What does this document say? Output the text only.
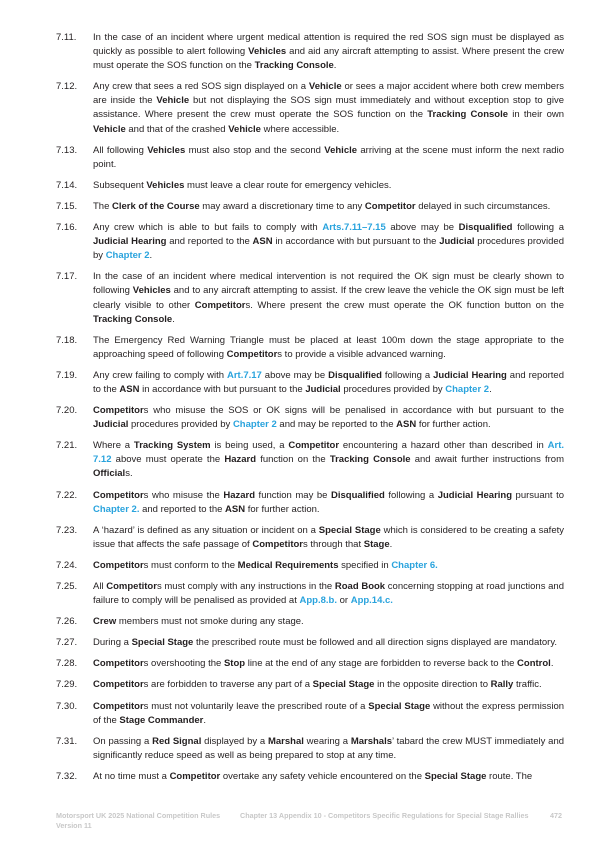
7.11. In the case of an incident where urgent medical attention is required the red SOS sign must be displayed as quickly as possible to alert following Vehicles and aid any aircraft attempting to assist. Where present the crew must operate the SOS function on the Tracking Console.
7.12. Any crew that sees a red SOS sign displayed on a Vehicle or sees a major accident where both crew members are inside the Vehicle but not displaying the SOS sign must immediately and without exception stop to give assistance. Where present the crew must operate the SOS function on the Tracking Console in their own Vehicle and that of the crashed Vehicle where accessible.
7.13. All following Vehicles must also stop and the second Vehicle arriving at the scene must inform the next radio point.
7.14. Subsequent Vehicles must leave a clear route for emergency vehicles.
7.15. The Clerk of the Course may award a discretionary time to any Competitor delayed in such circumstances.
7.16. Any crew which is able to but fails to comply with Arts.7.11–7.15 above may be Disqualified following a Judicial Hearing and reported to the ASN in accordance with but pursuant to the Judicial procedures provided by Chapter 2.
7.17. In the case of an incident where medical intervention is not required the OK sign must be clearly shown to following Vehicles and to any aircraft attempting to assist. If the crew leave the vehicle the OK sign must be left clearly visible to other Competitors. Where present the crew must operate the OK function button on the Tracking Console.
7.18. The Emergency Red Warning Triangle must be placed at least 100m down the stage appropriate to the approaching speed of following Competitors to provide a visible advanced warning.
7.19. Any crew failing to comply with Art.7.17 above may be Disqualified following a Judicial Hearing and reported to the ASN in accordance with but pursuant to the Judicial procedures provided by Chapter 2.
7.20. Competitors who misuse the SOS or OK signs will be penalised in accordance with but pursuant to the Judicial procedures provided by Chapter 2 and may be reported to the ASN for further action.
7.21. Where a Tracking System is being used, a Competitor encountering a hazard other than described in Art. 7.12 above must operate the Hazard function on the Tracking Console and await further instructions from Officials.
7.22. Competitors who misuse the Hazard function may be Disqualified following a Judicial Hearing pursuant to Chapter 2. and reported to the ASN for further action.
7.23. A ‘hazard’ is defined as any situation or incident on a Special Stage which is considered to be creating a safety issue that affects the safe passage of Competitors through that Stage.
7.24. Competitors must conform to the Medical Requirements specified in Chapter 6.
7.25. All Competitors must comply with any instructions in the Road Book concerning stopping at road junctions and failure to comply will be penalised as provided at App.8.b. or App.14.c.
7.26. Crew members must not smoke during any stage.
7.27. During a Special Stage the prescribed route must be followed and all direction signs displayed are mandatory.
7.28. Competitors overshooting the Stop line at the end of any stage are forbidden to reverse back to the Control.
7.29. Competitors are forbidden to traverse any part of a Special Stage in the opposite direction to Rally traffic.
7.30. Competitors must not voluntarily leave the prescribed route of a Special Stage without the express permission of the Stage Commander.
7.31. On passing a Red Signal displayed by a Marshal wearing a Marshals’ tabard the crew MUST immediately and significantly reduce speed as well as being prepared to stop at any time.
7.32. At no time must a Competitor overtake any safety vehicle encountered on the Special Stage route. The
Motorsport UK 2025 National Competition Rules Version 11
Chapter 13 Appendix 10 - Competitors Specific Regulations for Special Stage Rallies	472
